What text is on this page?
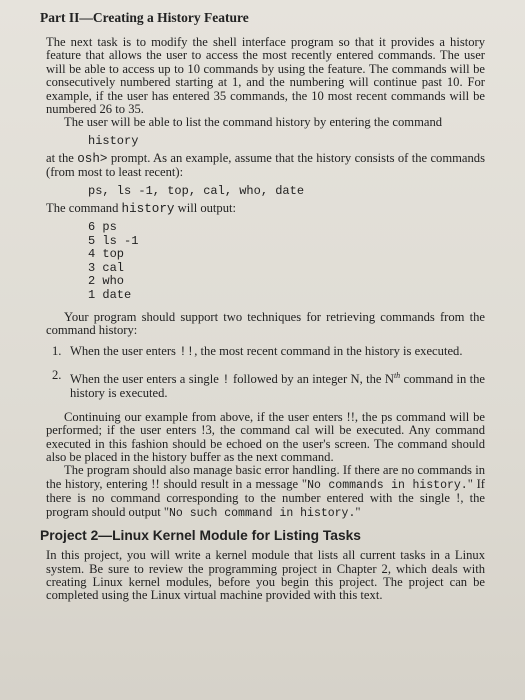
Part II—Creating a History Feature

The next task is to modify the shell interface program so that it provides a history feature that allows the user to access the most recently entered commands. The user will be able to access up to 10 commands by using the feature. The commands will be consecutively numbered starting at 1, and the numbering will continue past 10. For example, if the user has entered 35 commands, the 10 most recent commands will be numbered 26 to 35.

The user will be able to list the command history by entering the command

history

at the osh> prompt. As an example, assume that the history consists of the commands (from most to least recent):

ps, ls -1, top, cal, who, date

The command history will output:

6 ps
5 ls -1
4 top
3 cal
2 who
1 date

Your program should support two techniques for retrieving commands from the command history:

1. When the user enters !!, the most recent command in the history is executed.
2. When the user enters a single ! followed by an integer N, the $N^{th}$ command in the history is executed.

Continuing our example from above, if the user enters !!, the ps command will be performed; if the user enters !3, the command cal will be executed. Any command executed in this fashion should be echoed on the user's screen. The command should also be placed in the history buffer as the next command.

The program should also manage basic error handling. If there are no commands in the history, entering !! should result in a message "No commands in history." If there is no command corresponding to the number entered with the single !, the program should output "No such command in history."

Project 2—Linux Kernel Module for Listing Tasks

In this project, you will write a kernel module that lists all current tasks in a Linux system. Be sure to review the programming project in Chapter 2, which deals with creating Linux kernel modules, before you begin this project. The project can be completed using the Linux virtual machine provided with this text.
